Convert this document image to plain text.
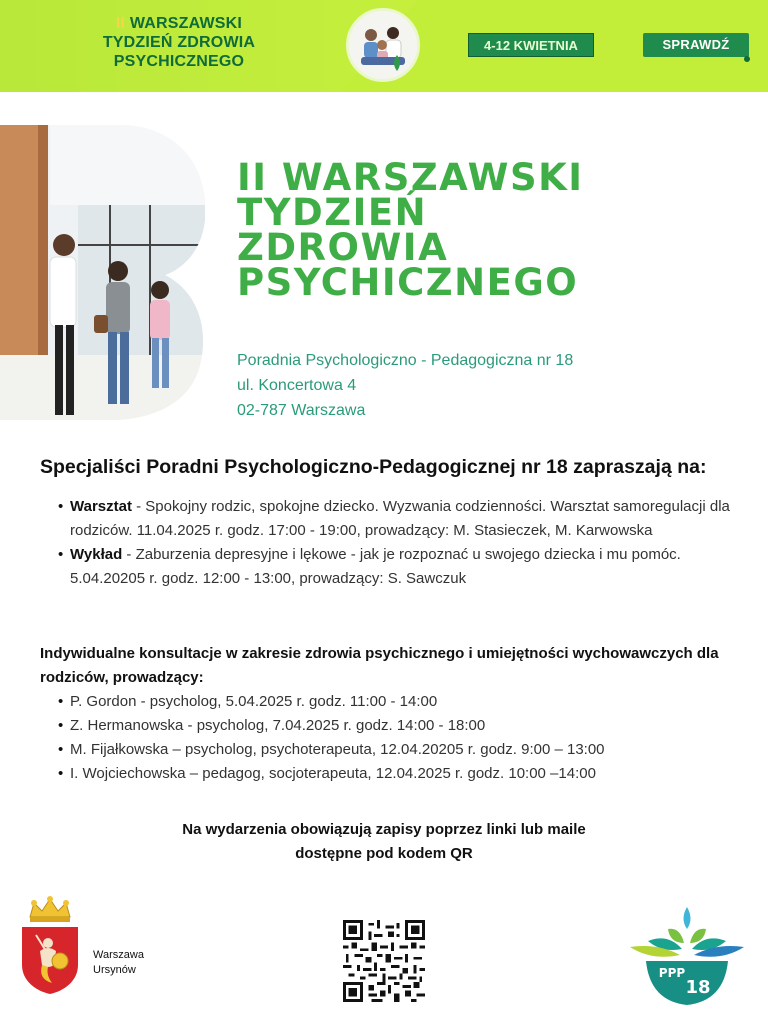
II WARSZAWSKI
TYDZIEŃ ZDROWIA
PSYCHICZNEGO
4-12 KWIETNIA	SPRAWDŹ
II WARSZAWSKI
TYDZIEŃ
ZDROWIA
PSYCHICZNEGO
Poradnia Psychologiczno - Pedagogiczna nr 18
ul. Koncertowa 4
02-787 Warszawa
Specjaliści Poradni Psychologiczno-Pedagogicznej nr 18 zapraszają na:
• Warsztat - Spokojny rodzic, spokojne dziecko. Wyzwania codzienności. Warsztat samoregulacji dla rodziców. 11.04.2025 r. godz. 17:00 - 19:00, prowadzący: M. Stasieczek, M. Karwowska
• Wykład - Zaburzenia depresyjne i lękowe - jak je rozpoznać u swojego dziecka i mu pomóc. 5.04.20205 r. godz. 12:00 - 13:00, prowadzący: S. Sawczuk
Indywidualne konsultacje w zakresie zdrowia psychicznego i umiejętności wychowawczych dla rodziców, prowadzący:
• P. Gordon - psycholog, 5.04.2025 r. godz. 11:00 - 14:00
• Z. Hermanowska - psycholog, 7.04.2025 r. godz. 14:00 - 18:00
• M. Fijałkowska – psycholog, psychoterapeuta, 12.04.20205 r. godz. 9:00 – 13:00
• I. Wojciechowska – pedagog, socjoterapeuta, 12.04.2025 r. godz. 10:00 –14:00
Na wydarzenia obowiązują zapisy poprzez linki lub maile
dostępne pod kodem QR
Warszawa
Ursynów	PPP
18
